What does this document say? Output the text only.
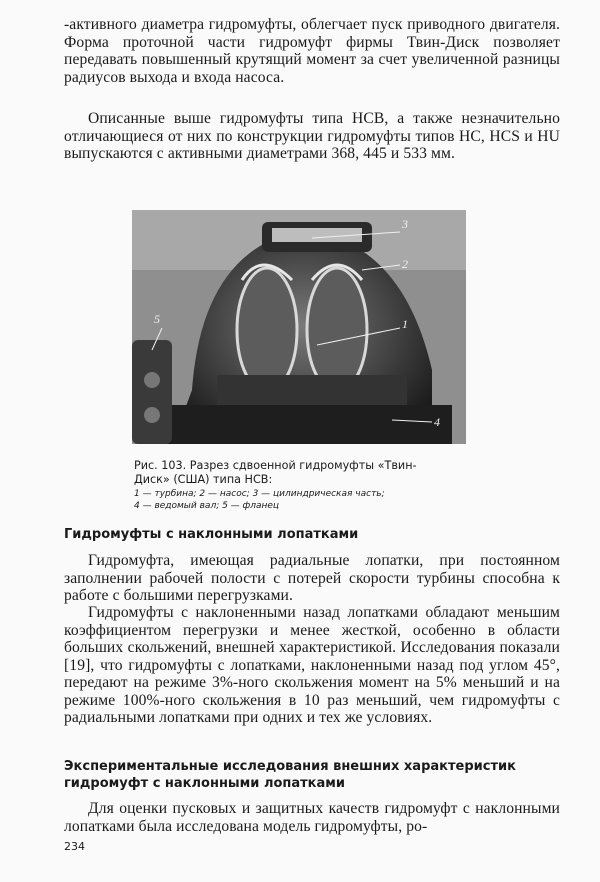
-активного диаметра гидромуфты, облегчает пуск приводного двигателя. Форма проточной части гидромуфт фирмы Твин-Диск позволяет передавать повышенный крутящий момент за счет увеличенной разницы радиусов выхода и входа насоса.

Описанные выше гидромуфты типа НСВ, а также незначительно отличающиеся от них по конструкции гидромуфты типов НС, HCS и HU выпускаются с активными диаметрами 368, 445 и 533 мм.

3
2
1
4
5
Рис. 103. Разрез сдвоенной гидромуфты «Твин-
Диск» (США) типа НСВ:
1 — турбина; 2 — насос; 3 — цилиндрическая часть;
4 — ведомый вал; 5 — фланец
Гидромуфты с наклонными лопатками

Гидромуфта, имеющая радиальные лопатки, при постоянном заполнении рабочей полости с потерей скорости турбины способна к работе с большими перегрузками.

Гидромуфты с наклоненными назад лопатками обладают меньшим коэффициентом перегрузки и менее жесткой, особенно в области больших скольжений, внешней характеристикой. Исследования показали [19], что гидромуфты с лопатками, наклоненными назад под углом 45°, передают на режиме 3%-ного скольжения момент на 5% меньший и на режиме 100%-ного скольжения в 10 раз меньший, чем гидромуфты с радиальными лопатками при одних и тех же условиях.

Экспериментальные исследования внешних характеристик
гидромуфт с наклонными лопатками

Для оценки пусковых и защитных качеств гидромуфт с наклонными лопатками была исследована модель гидромуфты, ро-

234
